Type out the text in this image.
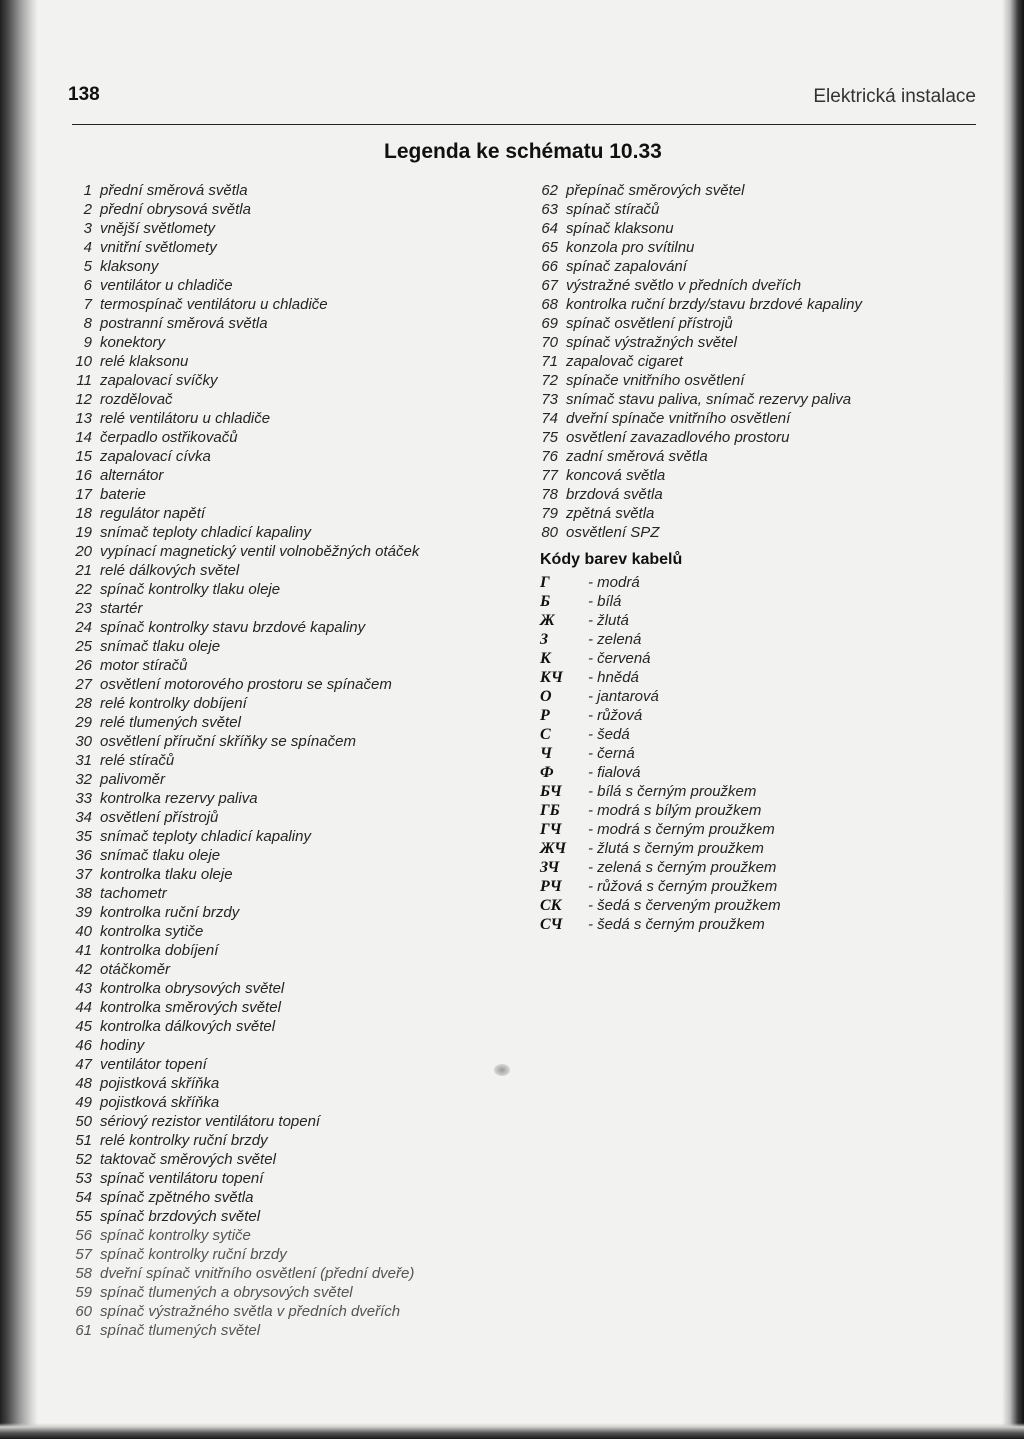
138	Elektrická instalace
Legenda ke schématu 10.33
1 přední směrová světla
2 přední obrysová světla
3 vnější světlomety
4 vnitřní světlomety
5 klaksony
6 ventilátor u chladiče
7 termospínač ventilátoru u chladiče
8 postranní směrová světla
9 konektory
10 relé klaksonu
11 zapalovací svíčky
12 rozdělovač
13 relé ventilátoru u chladiče
14 čerpadlo ostřikovačů
15 zapalovací cívka
16 alternátor
17 baterie
18 regulátor napětí
19 snímač teploty chladicí kapaliny
20 vypínací magnetický ventil volnoběžných otáček
21 relé dálkových světel
22 spínač kontrolky tlaku oleje
23 startér
24 spínač kontrolky stavu brzdové kapaliny
25 snímač tlaku oleje
26 motor stíračů
27 osvětlení motorového prostoru se spínačem
28 relé kontrolky dobíjení
29 relé tlumených světel
30 osvětlení příruční skříňky se spínačem
31 relé stíračů
32 palivoměr
33 kontrolka rezervy paliva
34 osvětlení přístrojů
35 snímač teploty chladicí kapaliny
36 snímač tlaku oleje
37 kontrolka tlaku oleje
38 tachometr
39 kontrolka ruční brzdy
40 kontrolka sytiče
41 kontrolka dobíjení
42 otáčkoměr
43 kontrolka obrysových světel
44 kontrolka směrových světel
45 kontrolka dálkových světel
46 hodiny
47 ventilátor topení
48 pojistková skříňka
49 pojistková skříňka
50 sériový rezistor ventilátoru topení
51 relé kontrolky ruční brzdy
52 taktovač směrových světel
53 spínač ventilátoru topení
54 spínač zpětného světla
55 spínač brzdových světel
56 spínač kontrolky sytiče
57 spínač kontrolky ruční brzdy
58 dveřní spínač vnitřního osvětlení (přední dveře)
59 spínač tlumených a obrysových světel
60 spínač výstražného světla v předních dveřích
61 spínač tlumených světel
62 přepínač směrových světel
63 spínač stíračů
64 spínač klaksonu
65 konzola pro svítilnu
66 spínač zapalování
67 výstražné světlo v předních dveřích
68 kontrolka ruční brzdy/stavu brzdové kapaliny
69 spínač osvětlení přístrojů
70 spínač výstražných světel
71 zapalovač cigaret
72 spínače vnitřního osvětlení
73 snímač stavu paliva, snímač rezervy paliva
74 dveřní spínače vnitřního osvětlení
75 osvětlení zavazadlového prostoru
76 zadní směrová světla
77 koncová světla
78 brzdová světla
79 zpětná světla
80 osvětlení SPZ
Kódy barev kabelů
Г	- modrá
Б	- bílá
Ж	- žlutá
З	- zelená
К	- červená
КЧ	- hnědá
О	- jantarová
Р	- růžová
С	- šedá
Ч	- černá
Ф	- fialová
БЧ	- bílá s černým proužkem
ГБ	- modrá s bílým proužkem
ГЧ	- modrá s černým proužkem
ЖЧ	- žlutá s černým proužkem
ЗЧ	- zelená s černým proužkem
РЧ	- růžová s černým proužkem
СК	- šedá s červeným proužkem
СЧ	- šedá s černým proužkem
